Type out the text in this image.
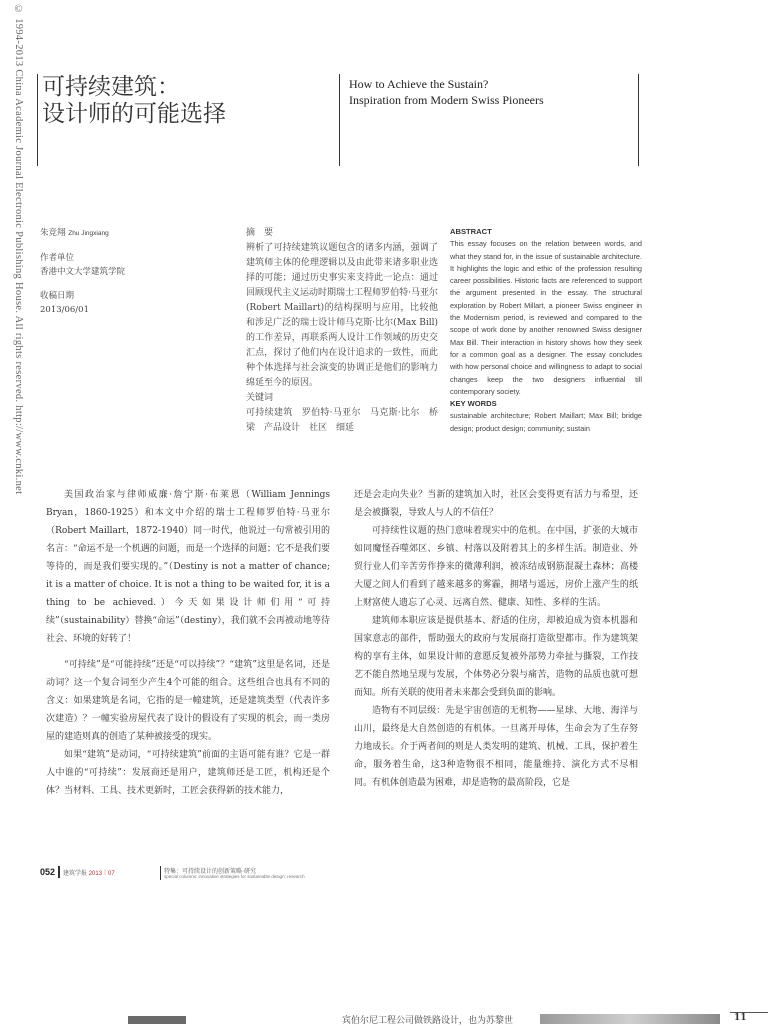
© 1994-2013 China Academic Journal Electronic Publishing House. All rights reserved. http://www.cnki.net 可持续建筑：
设计师的可能选择
How to Achieve the Sustain?
Inspiration from Modern Swiss Pioneers
朱竞翔 Zhu Jingxiang
作者单位
香港中文大学建筑学院
收稿日期
2013/06/01
摘　要

辨析了可持续建筑议题包含的诸多内涵，强调了建筑师主体的伦理逻辑以及由此带来诸多职业选择的可能；通过历史事实来支持此一论点：通过回顾现代主义运动时期瑞士工程师罗伯特·马亚尔(Robert Maillart)的结构探明与应用，比较他和涉足广泛的瑞士设计师马克斯·比尔(Max Bill)的工作差异，再联系两人设计工作领域的历史交汇点，探讨了他们内在设计追求的一致性，而此种个体选择与社会演变的协调正是他们的影响力绵延至今的原因。

关键词

可持续建筑　罗伯特·马亚尔　马克斯·比尔　桥梁　产品设计　社区　细延

ABSTRACT

This essay focuses on the relation between words, and what they stand for, in the issue of sustainable architecture. It highlights the logic and ethic of the profession resulting career possibilities. Historic facts are referenced to support the argument presented in the essay. The structural exploration by Robert Millart, a pioneer Swiss engineer in the Modernism period, is reviewed and compared to the scope of work done by another renowned Swiss designer Max Bill. Their interaction in history shows how they seek for a common goal as a designer. The essay concludes with how personal choice and willingness to adapt to social changes keep the two designers influential till contemporary society.

KEY WORDS

sustainable architecture; Robert Maillart; Max Bill; bridge design; product design; community; sustain

美国政治家与律师威廉·詹宁斯·布莱恩（William Jennings Bryan，1860-1925）和本文中介绍的瑞士工程师罗伯特·马亚尔（Robert Maillart，1872-1940）同一时代，他说过一句常被引用的名言：“命运不是一个机遇的问题，而是一个选择的问题；它不是我们要等待的，而是我们要实现的。”（Destiny is not a matter of chance; it is a matter of choice. It is not a thing to be waited for, it is a thing to be achieved.）今天如果设计师们用“可持续”（sustainability）替换“命运”（destiny），我们就不会再被动地等待社会、环境的好转了！

“可持续”是“可能持续”还是“可以持续”？“建筑”这里是名词，还是动词？这一个复合词至少产生4个可能的组合。这些组合也具有不同的含义：如果建筑是名词，它指的是一幢建筑，还是建筑类型（代表许多次建造）？一幢实验房屋代表了设计的假设有了实现的机会，而一类房屋的建造则真的创造了某种被接受的现实。

如果“建筑”是动词，“可持续建筑”前面的主语可能有谁？它是一群人中谁的“可持续”：发展商还是用户，建筑师还是工匠，机构还是个体？当材料、工具、技术更新时，工匠会获得新的技术能力，

还是会走向失业？当新的建筑加入时，社区会变得更有活力与希望，还是会被撕裂，导致人与人的不信任？

可持续性议题的热门意味着现实中的危机。在中国，扩张的大城市如同魔怪吞噬郊区、乡镇、村落以及附着其上的多样生活。制造业、外贸行业人们辛苦劳作挣来的微薄利润，被冻结成钢筋混凝土森林；高楼大厦之间人们看到了越来越多的雾霾，拥堵与遥远，房价上涨产生的纸上财富使人遗忘了心灵、远离自然、健康、知性、多样的生活。

建筑师本职应该是提供基本、舒适的住房，却被迫成为资本机器和国家意志的部件，帮助强大的政府与发展商打造欲望都市。作为建筑架构的享有主体，如果设计师的意愿反复被外部势力牵扯与撕裂，工作技艺不能自然地呈现与发展，个体势必分裂与痛苦，造物的品质也就可想而知。所有关联的使用者未来都会受到负面的影响。

造物有不同层级：先是宇宙创造的无机物——星球、大地、海洋与山川，最终是大自然创造的有机体。一旦离开母体，生命会为了生存努力地成长。介于两者间的则是人类发明的建筑、机械、工具，保护着生命，服务着生命，这3种造物很不相同，能量维持、演化方式不尽相同。有机体创造最为困难，却是造物的最高阶段，它是

052 建筑学报 2013｜07	特集：可持续设计的创新策略·研究
special columns: innovative strategies for sustainable design: research
宾伯尔尼工程公司做铁路设计，也为苏黎世	11
